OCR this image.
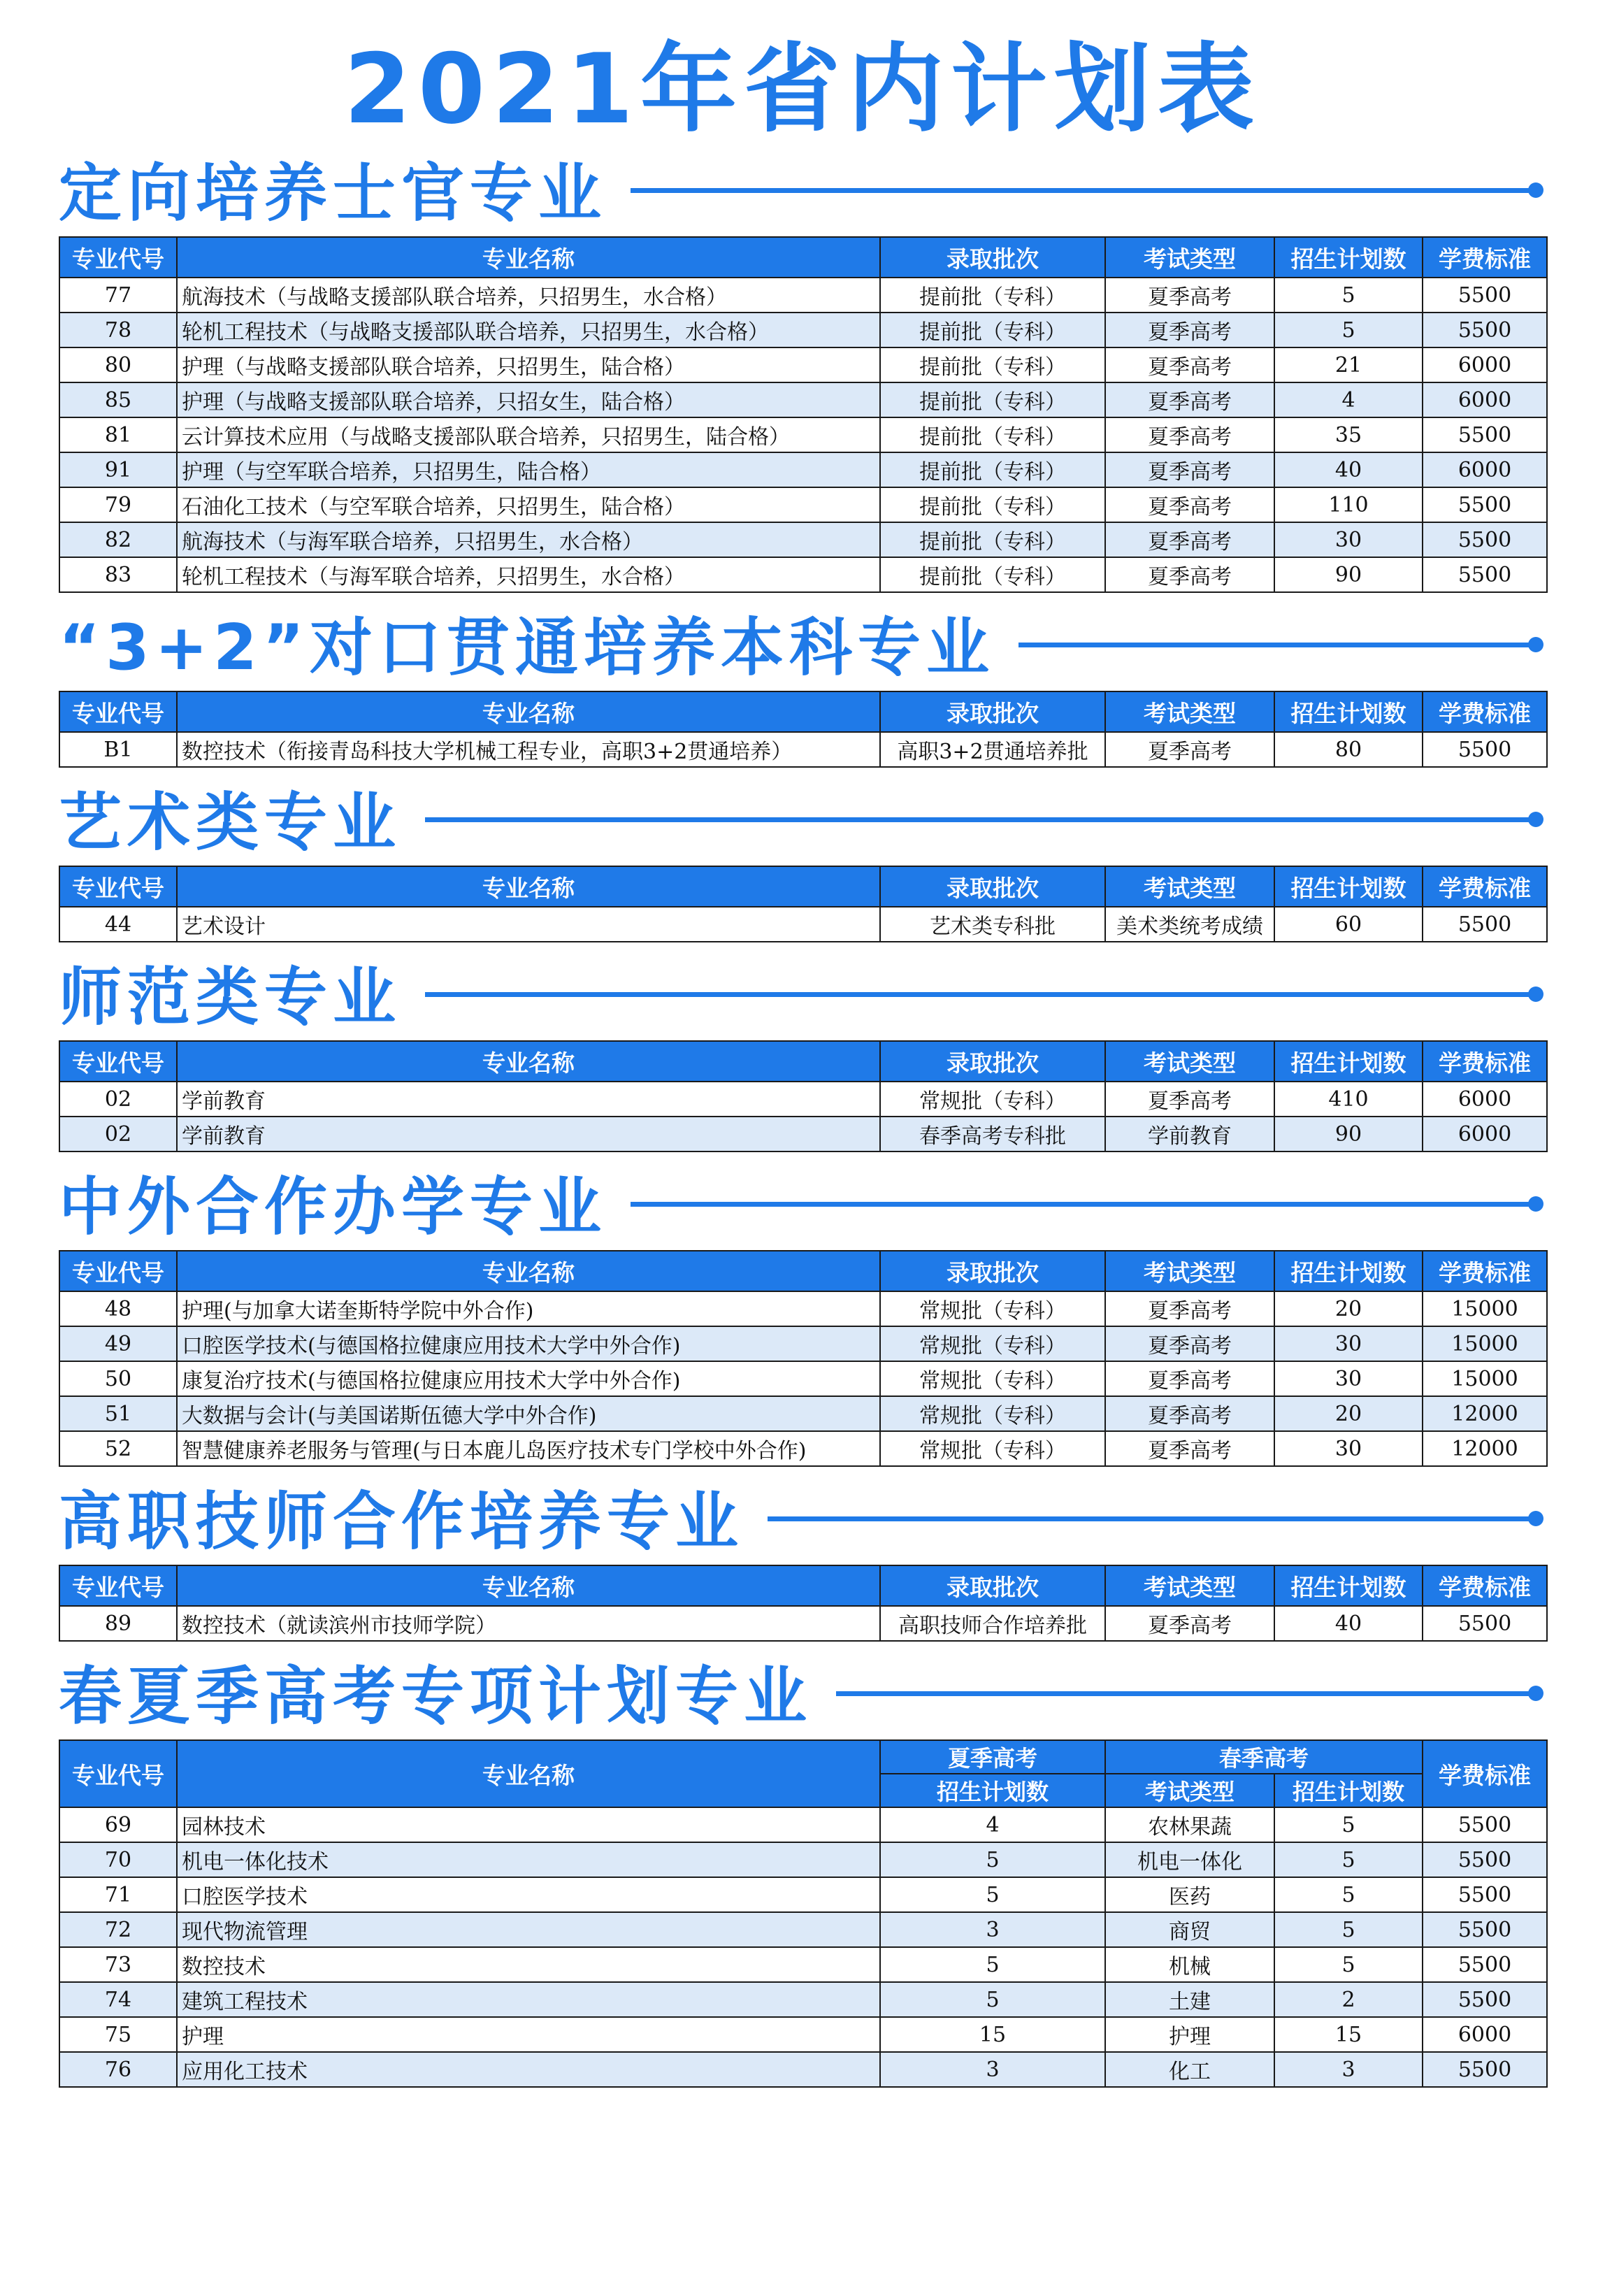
2021年省内计划表
定向培养士官专业
专业代号	专业名称	录取批次	考试类型	招生计划数	学费标准
77	航海技术（与战略支援部队联合培养，只招男生，水合格）	提前批（专科）	夏季高考	5	5500
78	轮机工程技术（与战略支援部队联合培养，只招男生，水合格）	提前批（专科）	夏季高考	5	5500
80	护理（与战略支援部队联合培养，只招男生，陆合格）	提前批（专科）	夏季高考	21	6000
85	护理（与战略支援部队联合培养，只招女生，陆合格）	提前批（专科）	夏季高考	4	6000
81	云计算技术应用（与战略支援部队联合培养，只招男生，陆合格）	提前批（专科）	夏季高考	35	5500
91	护理（与空军联合培养，只招男生，陆合格）	提前批（专科）	夏季高考	40	6000
79	石油化工技术（与空军联合培养，只招男生，陆合格）	提前批（专科）	夏季高考	110	5500
82	航海技术（与海军联合培养，只招男生，水合格）	提前批（专科）	夏季高考	30	5500
83	轮机工程技术（与海军联合培养，只招男生，水合格）	提前批（专科）	夏季高考	90	5500
“3+2”对口贯通培养本科专业
专业代号	专业名称	录取批次	考试类型	招生计划数	学费标准
B1	数控技术（衔接青岛科技大学机械工程专业，高职3+2贯通培养）	高职3+2贯通培养批	夏季高考	80	5500
艺术类专业
专业代号	专业名称	录取批次	考试类型	招生计划数	学费标准
44	艺术设计	艺术类专科批	美术类统考成绩	60	5500
师范类专业
专业代号	专业名称	录取批次	考试类型	招生计划数	学费标准
02	学前教育	常规批（专科）	夏季高考	410	6000
02	学前教育	春季高考专科批	学前教育	90	6000
中外合作办学专业
专业代号	专业名称	录取批次	考试类型	招生计划数	学费标准
48	护理(与加拿大诺奎斯特学院中外合作)	常规批（专科）	夏季高考	20	15000
49	口腔医学技术(与德国格拉健康应用技术大学中外合作)	常规批（专科）	夏季高考	30	15000
50	康复治疗技术(与德国格拉健康应用技术大学中外合作)	常规批（专科）	夏季高考	30	15000
51	大数据与会计(与美国诺斯伍德大学中外合作)	常规批（专科）	夏季高考	20	12000
52	智慧健康养老服务与管理(与日本鹿儿岛医疗技术专门学校中外合作)	常规批（专科）	夏季高考	30	12000
高职技师合作培养专业
专业代号	专业名称	录取批次	考试类型	招生计划数	学费标准
89	数控技术（就读滨州市技师学院）	高职技师合作培养批	夏季高考	40	5500
春夏季高考专项计划专业
专业代号	专业名称	夏季高考	春季高考		学费标准
		招生计划数	考试类型	招生计划数	
69	园林技术	4	农林果蔬	5	5500
70	机电一体化技术	5	机电一体化	5	5500
71	口腔医学技术	5	医药	5	5500
72	现代物流管理	3	商贸	5	5500
73	数控技术	5	机械	5	5500
74	建筑工程技术	5	土建	2	5500
75	护理	15	护理	15	6000
76	应用化工技术	3	化工	3	5500
